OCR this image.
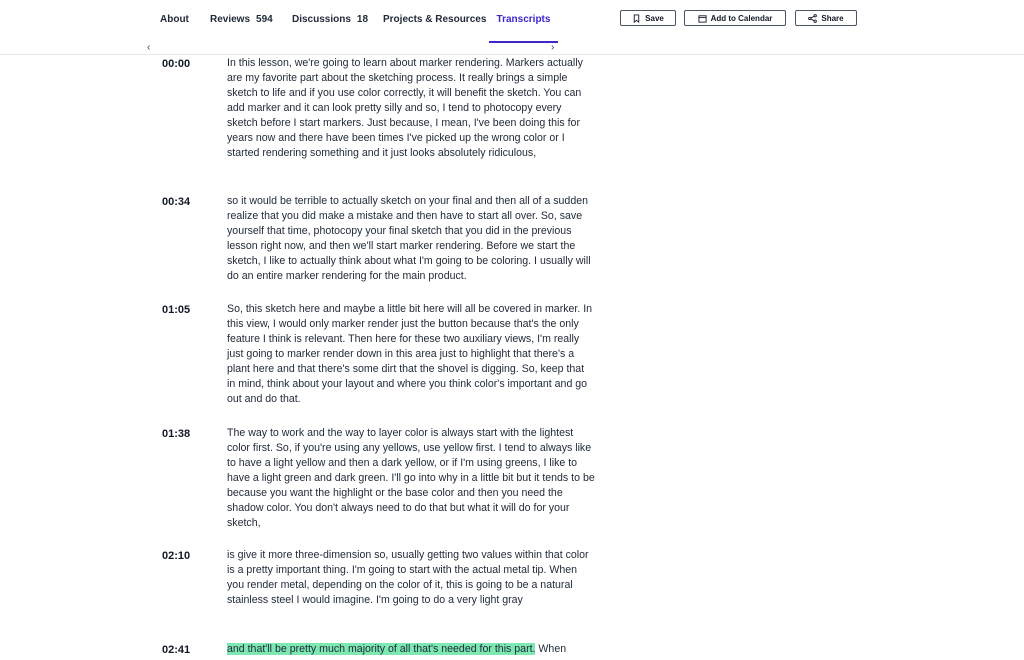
About Reviews 594 Discussions 18 Projects & Resources	Transcripts	Save	Add to Calendar	Share
‹	›
00:00	In this lesson, we're going to learn about marker rendering. Markers actually are my favorite part about the sketching process. It really brings a simple sketch to life and if you use color correctly, it will benefit the sketch. You can add marker and it can look pretty silly and so, I tend to photocopy every sketch before I start markers. Just because, I mean, I've been doing this for years now and there have been times I've picked up the wrong color or I started rendering something and it just looks absolutely ridiculous,
00:34	so it would be terrible to actually sketch on your final and then all of a sudden realize that you did make a mistake and then have to start all over. So, save yourself that time, photocopy your final sketch that you did in the previous lesson right now, and then we'll start marker rendering. Before we start the sketch, I like to actually think about what I'm going to be coloring. I usually will do an entire marker rendering for the main product.
01:05	So, this sketch here and maybe a little bit here will all be covered in marker. In this view, I would only marker render just the button because that's the only feature I think is relevant. Then here for these two auxiliary views, I'm really just going to marker render down in this area just to highlight that there's a plant here and that there's some dirt that the shovel is digging. So, keep that in mind, think about your layout and where you think color's important and go out and do that.
01:38	The way to work and the way to layer color is always start with the lightest color first. So, if you're using any yellows, use yellow first. I tend to always like to have a light yellow and then a dark yellow, or if I'm using greens, I like to have a light green and dark green. I'll go into why in a little bit but it tends to be because you want the highlight or the base color and then you need the shadow color. You don't always need to do that but what it will do for your sketch,
02:10	is give it more three-dimension so, usually getting two values within that color is a pretty important thing. I'm going to start with the actual metal tip. When you render metal, depending on the color of it, this is going to be a natural stainless steel I would imagine. I'm going to do a very light gray
02:41	and that'll be pretty much majority of all that's needed for this part. When
